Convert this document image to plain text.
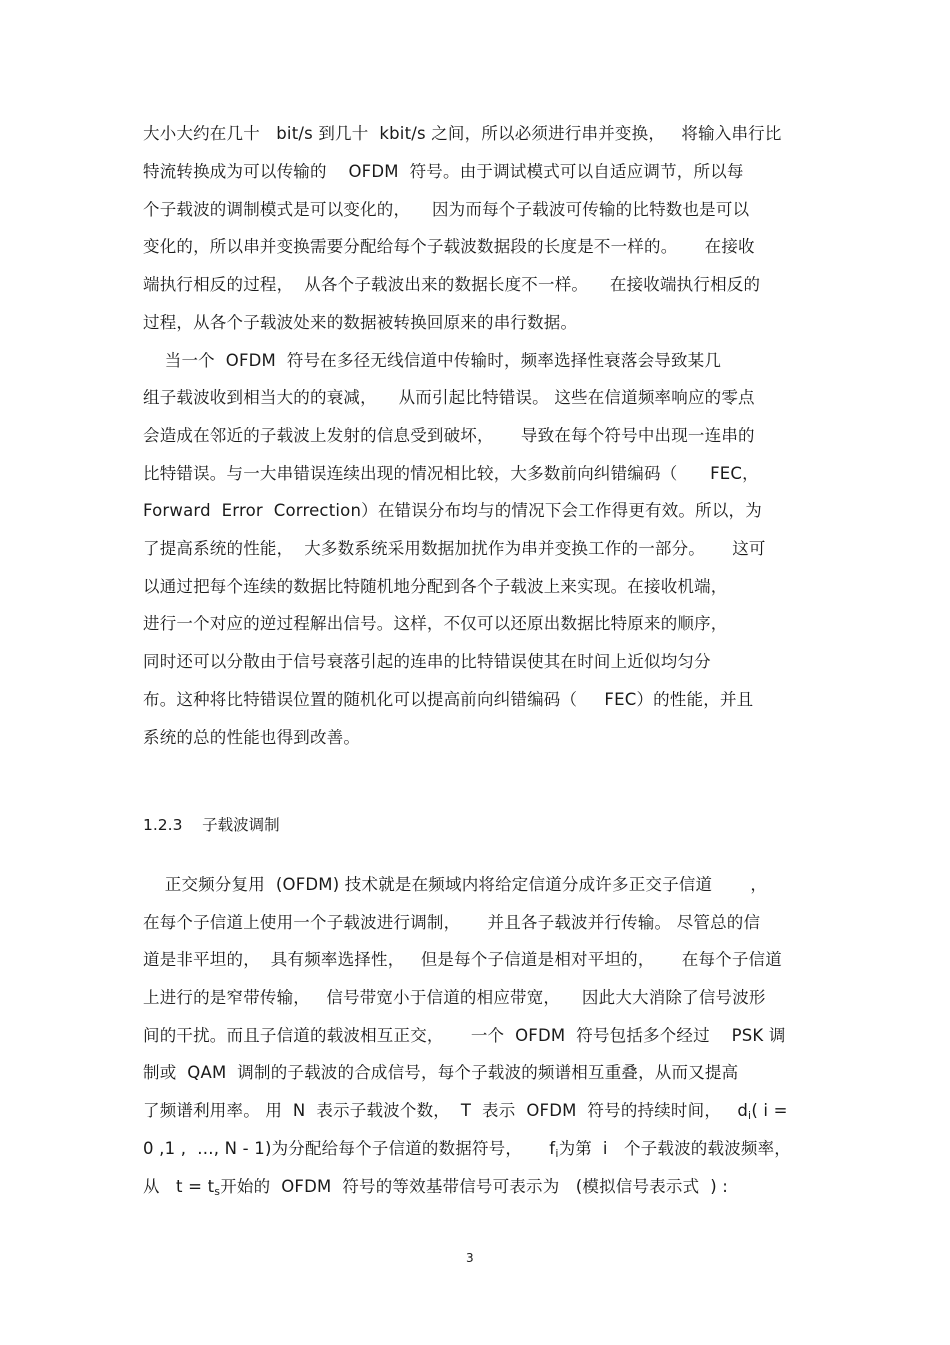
大小大约在几十   bit/s 到几十  kbit/s 之间，所以必须进行串并变换，   将输入串行比
特流转换成为可以传输的    OFDM  符号。由于调试模式可以自适应调节，所以每
个子载波的调制模式是可以变化的，    因为而每个子载波可传输的比特数也是可以
变化的，所以串并变换需要分配给每个子载波数据段的长度是不一样的。     在接收
端执行相反的过程，  从各个子载波出来的数据长度不一样。    在接收端执行相反的
过程，从各个子载波处来的数据被转换回原来的串行数据。
当一个  OFDM  符号在多径无线信道中传输时，频率选择性衰落会导致某几
组子载波收到相当大的的衰减，    从而引起比特错误。 这些在信道频率响应的零点
会造成在邻近的子载波上发射的信息受到破坏，     导致在每个符号中出现一连串的
比特错误。与一大串错误连续出现的情况相比较，大多数前向纠错编码（      FEC，
Forward  Error  Correction）在错误分布均与的情况下会工作得更有效。所以，为
了提高系统的性能，  大多数系统采用数据加扰作为串并变换工作的一部分。     这可
以通过把每个连续的数据比特随机地分配到各个子载波上来实现。在接收机端，
进行一个对应的逆过程解出信号。这样，不仅可以还原出数据比特原来的顺序，
同时还可以分散由于信号衰落引起的连串的比特错误使其在时间上近似均匀分
布。这种将比特错误位置的随机化可以提高前向纠错编码（     FEC）的性能，并且
系统的总的性能也得到改善。
1.2.3    子载波调制
正交频分复用  (OFDM) 技术就是在频域内将给定信道分成许多正交子信道       ，
在每个子信道上使用一个子载波进行调制，     并且各子载波并行传输。 尽管总的信
道是非平坦的，  具有频率选择性，   但是每个子信道是相对平坦的，     在每个子信道
上进行的是窄带传输，   信号带宽小于信道的相应带宽，    因此大大消除了信号波形
间的干扰。而且子信道的载波相互正交，     一个  OFDM  符号包括多个经过    PSK 调
制或  QAM  调制的子载波的合成信号，每个子载波的频谱相互重叠，从而又提高
了频谱利用率。 用  N  表示子载波个数，  T  表示  OFDM  符号的持续时间，   $d_i$( i =
0 ,1 ,  …, N - 1)为分配给每个子信道的数据符号，     $f_i$为第  i   个子载波的载波频率，
从   $t = t_s$开始的  OFDM  符号的等效基带信号可表示为   (模拟信号表示式  ) :
3
